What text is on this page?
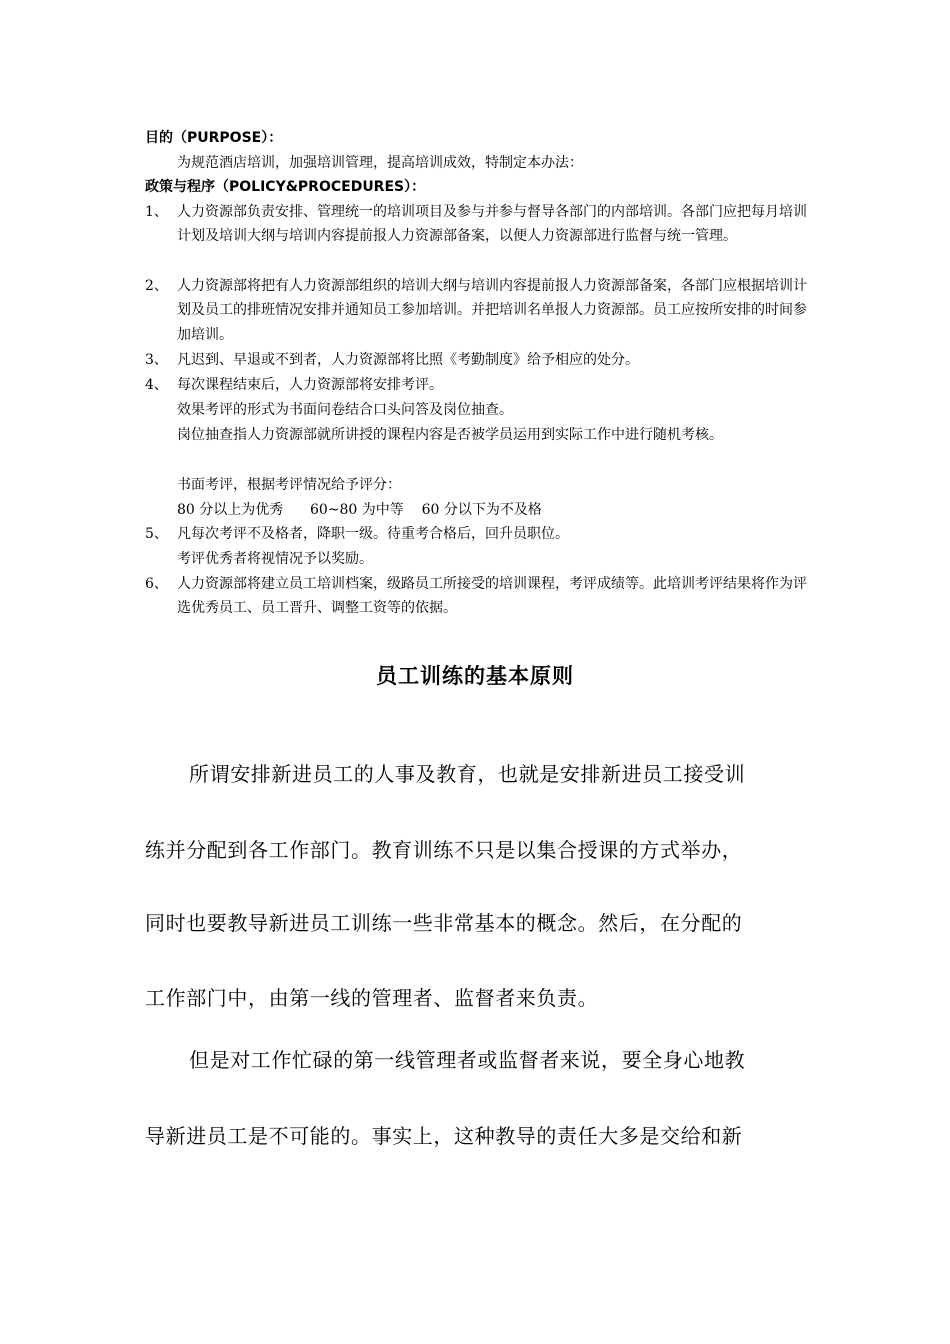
目的（PURPOSE）：
为规范酒店培训，加强培训管理，提高培训成效，特制定本办法：
政策与程序（POLICY&PROCEDURES）：
1、 人力资源部负责安排、管理统一的培训项目及参与并参与督导各部门的内部培训。各部门应把每月培训计划及培训大纲与培训内容提前报人力资源部备案，以便人力资源部进行监督与统一管理。
2、 人力资源部将把有人力资源部组织的培训大纲与培训内容提前报人力资源部备案，各部门应根据培训计划及员工的排班情况安排并通知员工参加培训。并把培训名单报人力资源部。员工应按所安排的时间参加培训。
3、 凡迟到、早退或不到者，人力资源部将比照《考勤制度》给予相应的处分。
4、 每次课程结束后，人力资源部将安排考评。
效果考评的形式为书面问卷结合口头问答及岗位抽查。
岗位抽查指人力资源部就所讲授的课程内容是否被学员运用到实际工作中进行随机考核。
书面考评，根据考评情况给予评分：
80 分以上为优秀      60~80 为中等    60 分以下为不及格
5、 凡每次考评不及格者，降职一级。待重考合格后，回升员职位。
考评优秀者将视情况予以奖励。
6、 人力资源部将建立员工培训档案，级路员工所接受的培训课程，考评成绩等。此培训考评结果将作为评选优秀员工、员工晋升、调整工资等的依据。
员工训练的基本原则
所谓安排新进员工的人事及教育，也就是安排新进员工接受训
练并分配到各工作部门。教育训练不只是以集合授课的方式举办，
同时也要教导新进员工训练一些非常基本的概念。然后，在分配的
工作部门中，由第一线的管理者、监督者来负责。
但是对工作忙碌的第一线管理者或监督者来说，要全身心地教
导新进员工是不可能的。事实上，这种教导的责任大多是交给和新
